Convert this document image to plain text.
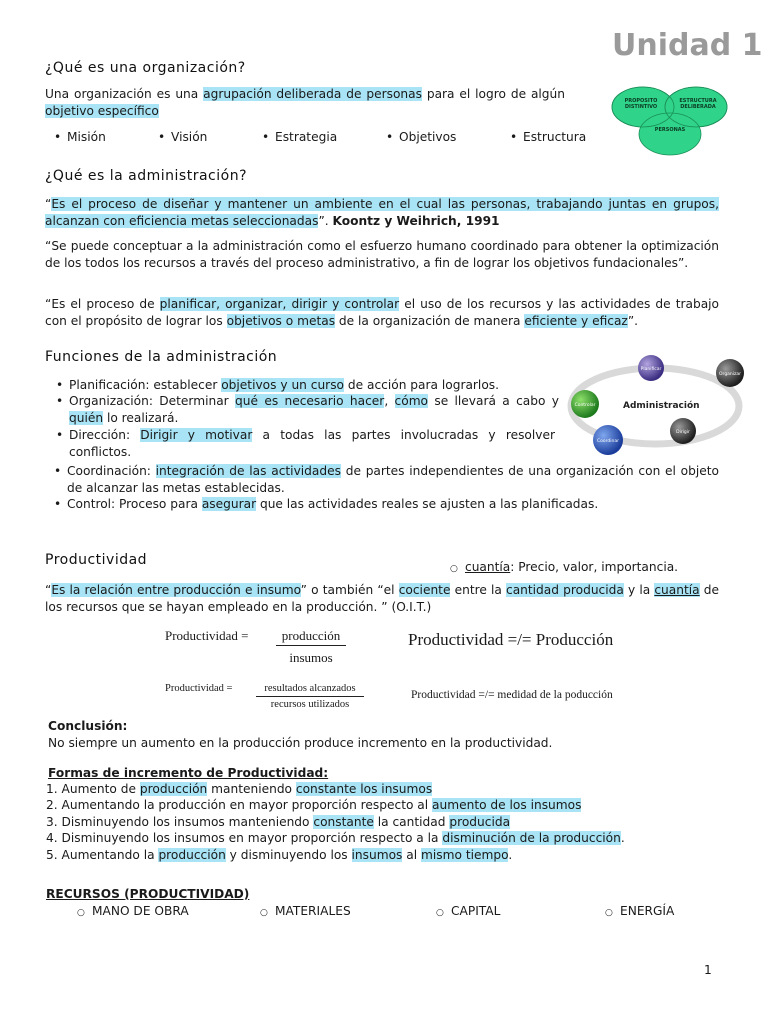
Unidad 1
¿Qué es una organización?
Una organización es una agrupación deliberada de personas para el logro de algún objetivo específico
• Misión	• Visión	• Estrategia	• Objetivos	• Estructura
PROPÓSITO DISTINTIVO
ESTRUCTURA DELIBERADA
PERSONAS
¿Qué es la administración?
“Es el proceso de diseñar y mantener un ambiente en el cual las personas, trabajando juntas en grupos, alcanzan con eficiencia metas seleccionadas”. Koontz y Weihrich, 1991
“Se puede conceptuar a la administración como el esfuerzo humano coordinado para obtener la optimización de los todos los recursos a través del proceso administrativo, a fin de lograr los objetivos fundacionales”.
“Es el proceso de planificar, organizar, dirigir y controlar el uso de los recursos y las actividades de trabajo con el propósito de lograr los objetivos o metas de la organización de manera eficiente y eficaz”.
Funciones de la administración
• Planificación: establecer objetivos y un curso de acción para lograrlos.
• Organización: Determinar qué es necesario hacer, cómo se llevará a cabo y quién lo realizará.
• Dirección: Dirigir y motivar a todas las partes involucradas y resolver conflictos.
• Coordinación: integración de las actividades de partes independientes de una organización con el objeto de alcanzar las metas establecidas.
• Control: Proceso para asegurar que las actividades reales se ajusten a las planificadas.
Administración
Planificar
Organizar
Dirigir
Coordinar
Controlar
Productividad	○ cuantía: Precio, valor, importancia.
“Es la relación entre producción e insumo” o también “el cociente entre la cantidad producida y la cuantía de los recursos que se hayan empleado en la producción. ” (O.I.T.)
Productividad =	producción
insumos
Productividad =/= Producción
Productividad =	resultados alcanzados
recursos utilizados
Productividad =/= medidad de la poducción
Conclusión:
No siempre un aumento en la producción produce incremento en la productividad.
Formas de incremento de Productividad:
1. Aumento de producción manteniendo constante los insumos
2. Aumentando la producción en mayor proporción respecto al aumento de los insumos
3. Disminuyendo los insumos manteniendo constante la cantidad producida
4. Disminuyendo los insumos en mayor proporción respecto a la disminución de la producción.
5. Aumentando la producción y disminuyendo los insumos al mismo tiempo.
RECURSOS (PRODUCTIVIDAD)
○ MANO DE OBRA	○ MATERIALES	○ CAPITAL	○ ENERGÍA
1
